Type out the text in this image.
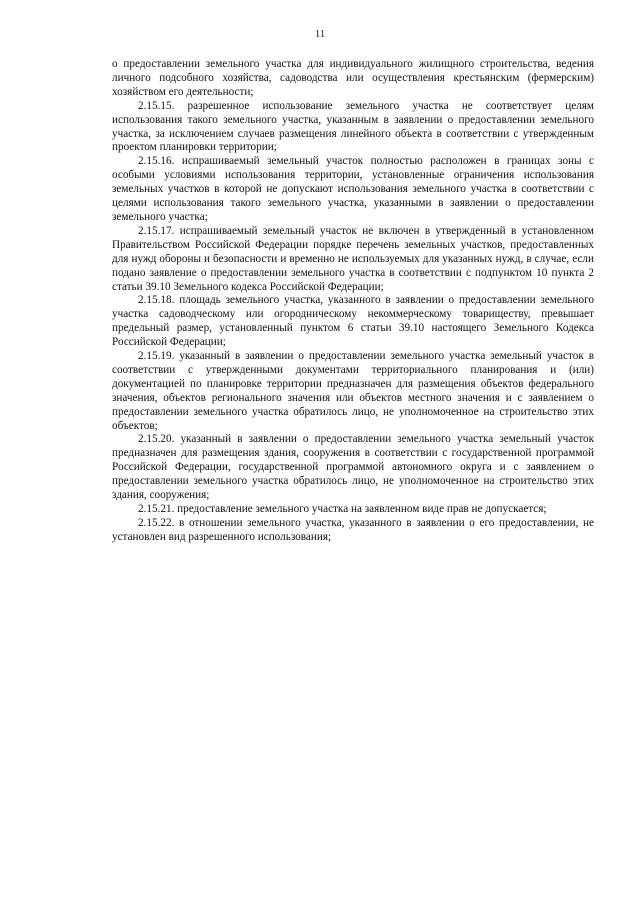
11

о предоставлении земельного участка для индивидуального жилищного строительства, ведения личного подсобного хозяйства, садоводства или осуществления крестьянским (фермерским) хозяйством его деятельности;

2.15.15. разрешенное использование земельного участка не соответствует целям использования такого земельного участка, указанным в заявлении о предоставлении земельного участка, за исключением случаев размещения линейного объекта в соответствии с утвержденным проектом планировки территории;

2.15.16. испрашиваемый земельный участок полностью расположен в границах зоны с особыми условиями использования территории, установленные ограничения использования земельных участков в которой не допускают использования земельного участка в соответствии с целями использования такого земельного участка, указанными в заявлении о предоставлении земельного участка;

2.15.17. испрашиваемый земельный участок не включен в утвержденный в установленном Правительством Российской Федерации порядке перечень земельных участков, предоставленных для нужд обороны и безопасности и временно не используемых для указанных нужд, в случае, если подано заявление о предоставлении земельного участка в соответствии с подпунктом 10 пункта 2 статьи 39.10 Земельного кодекса Российской Федерации;

2.15.18. площадь земельного участка, указанного в заявлении о предоставлении земельного участка садоводческому или огородническому некоммерческому товариществу, превышает предельный размер, установленный пунктом 6 статьи 39.10 настоящего Земельного Кодекса Российской Федерации;

2.15.19. указанный в заявлении о предоставлении земельного участка земельный участок в соответствии с утвержденными документами территориального планирования и (или) документацией по планировке территории предназначен для размещения объектов федерального значения, объектов регионального значения или объектов местного значения и с заявлением о предоставлении земельного участка обратилось лицо, не уполномоченное на строительство этих объектов;

2.15.20. указанный в заявлении о предоставлении земельного участка земельный участок предназначен для размещения здания, сооружения в соответствии с государственной программой Российской Федерации, государственной программой автономного округа и с заявлением о предоставлении земельного участка обратилось лицо, не уполномоченное на строительство этих здания, сооружения;

2.15.21. предоставление земельного участка на заявленном виде прав не допускается;

2.15.22. в отношении земельного участка, указанного в заявлении о его предоставлении, не установлен вид разрешенного использования;
